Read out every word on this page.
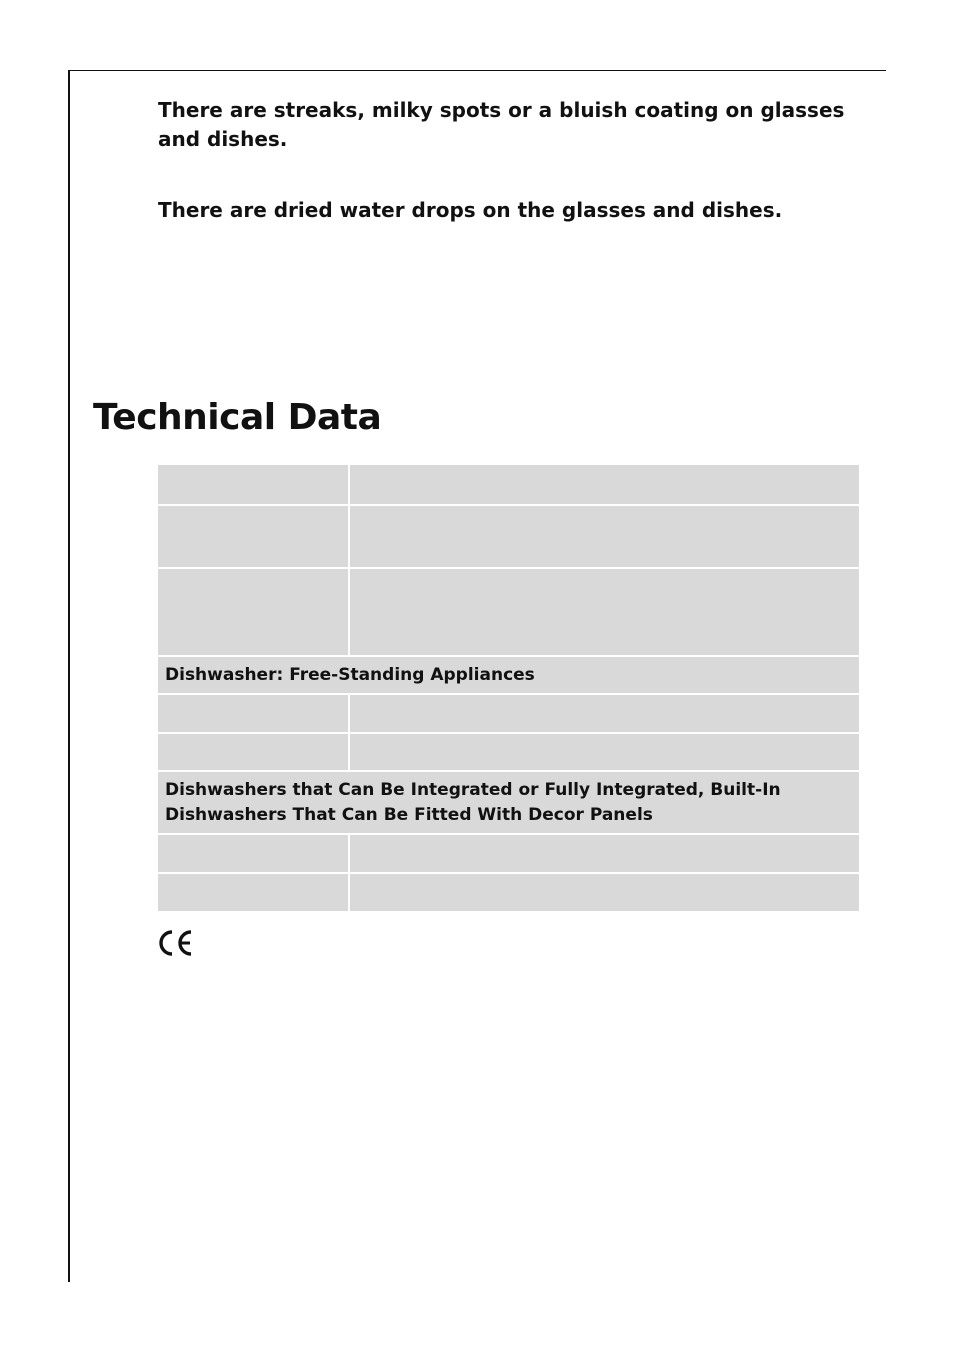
There are streaks, milky spots or a bluish coating on glasses and dishes.

There are dried water drops on the glasses and dishes.

Technical Data

Dishwasher: Free-Standing Appliances	

Dishwashers that Can Be Integrated or Fully Integrated, Built-In Dishwashers That Can Be Fitted With Decor Panels	
